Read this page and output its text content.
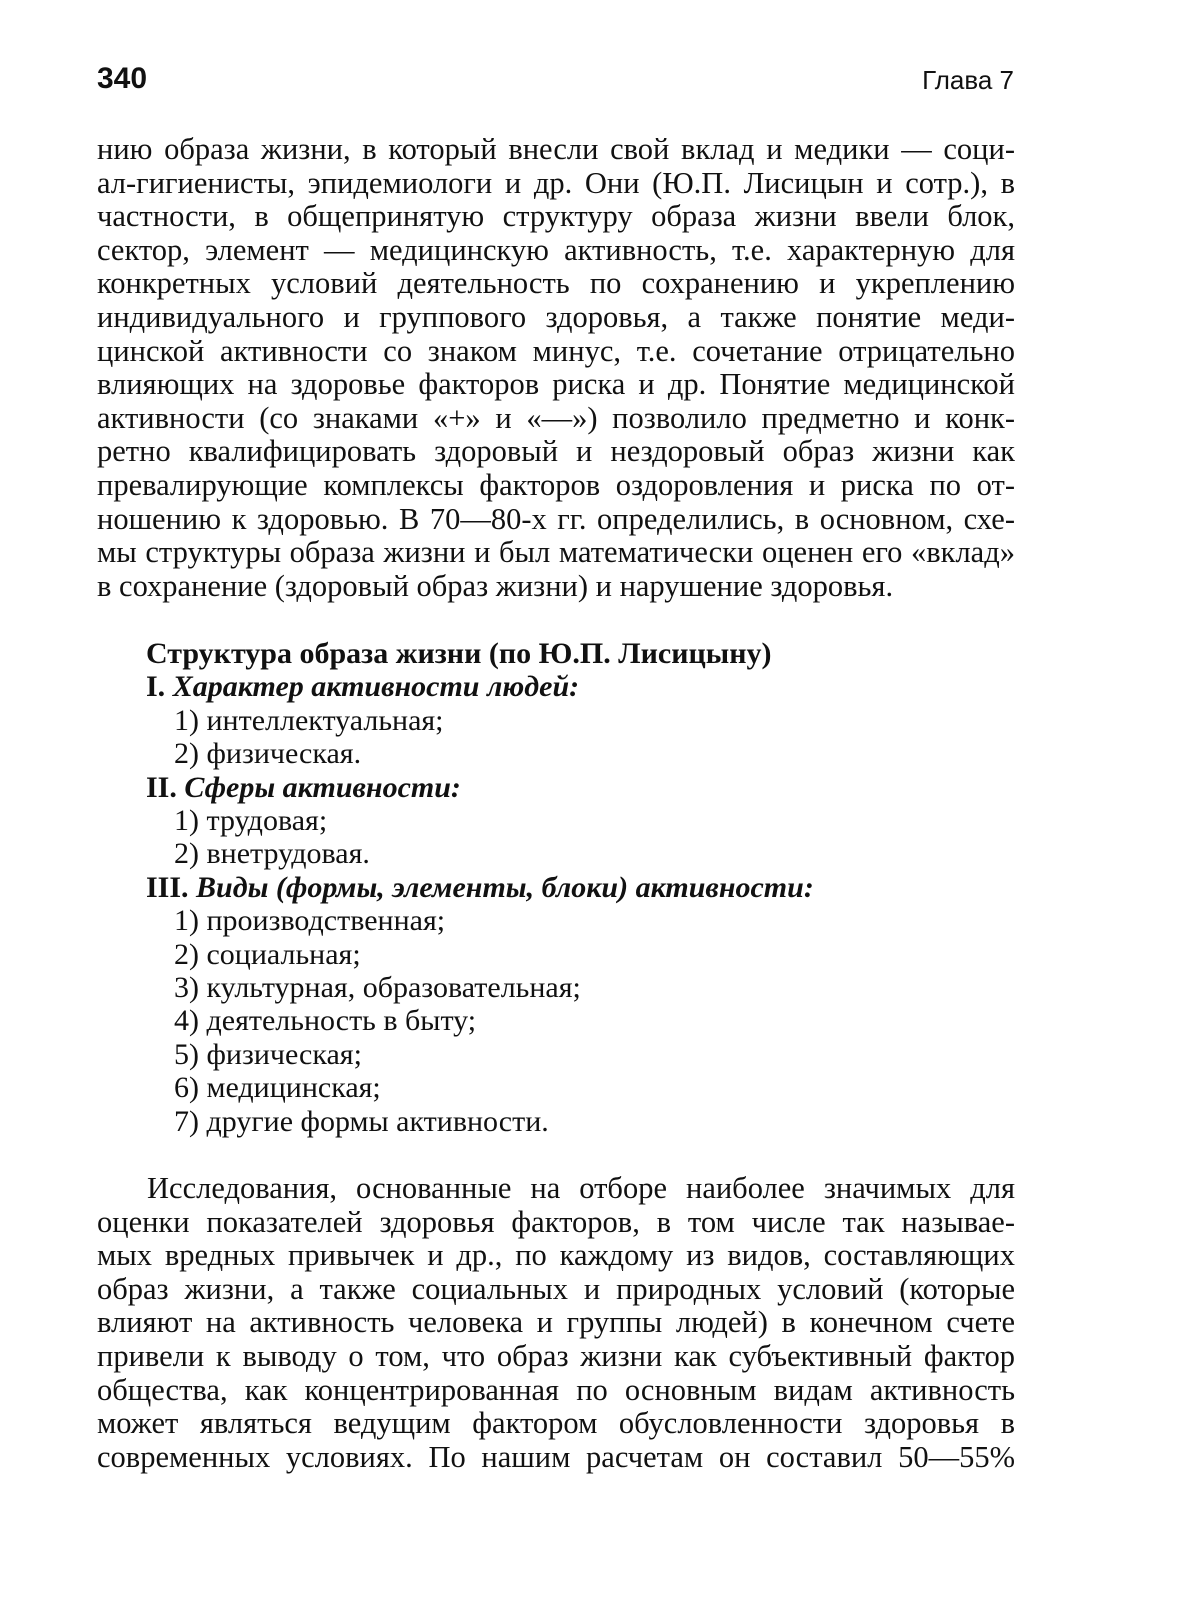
340	Глава 7
нию образа жизни, в который внесли свой вклад и медики — соци-
ал-гигиенисты, эпидемиологи и др. Они (Ю.П. Лисицын и сотр.), в
частности, в общепринятую структуру образа жизни ввели блок,
сектор, элемент — медицинскую активность, т.е. характерную для
конкретных условий деятельность по сохранению и укреплению
индивидуального и группового здоровья, а также понятие меди-
цинской активности со знаком минус, т.е. сочетание отрицательно
влияющих на здоровье факторов риска и др. Понятие медицинской
активности (со знаками «+» и «—») позволило предметно и конк-
ретно квалифицировать здоровый и нездоровый образ жизни как
превалирующие комплексы факторов оздоровления и риска по от-
ношению к здоровью. В 70—80-х гг. определились, в основном, схе-
мы структуры образа жизни и был математически оценен его «вклад»
в сохранение (здоровый образ жизни) и нарушение здоровья.
Структура образа жизни (по Ю.П. Лисицыну)
I. Характер активности людей:
1) интеллектуальная;
2) физическая.
II. Сферы активности:
1) трудовая;
2) внетрудовая.
III. Виды (формы, элементы, блоки) активности:
1) производственная;
2) социальная;
3) культурная, образовательная;
4) деятельность в быту;
5) физическая;
6) медицинская;
7) другие формы активности.
Исследования, основанные на отборе наиболее значимых для
оценки показателей здоровья факторов, в том числе так называе-
мых вредных привычек и др., по каждому из видов, составляющих
образ жизни, а также социальных и природных условий (которые
влияют на активность человека и группы людей) в конечном счете
привели к выводу о том, что образ жизни как субъективный фактор
общества, как концентрированная по основным видам активность
может являться ведущим фактором обусловленности здоровья в
современных условиях. По нашим расчетам он составил 50—55%
